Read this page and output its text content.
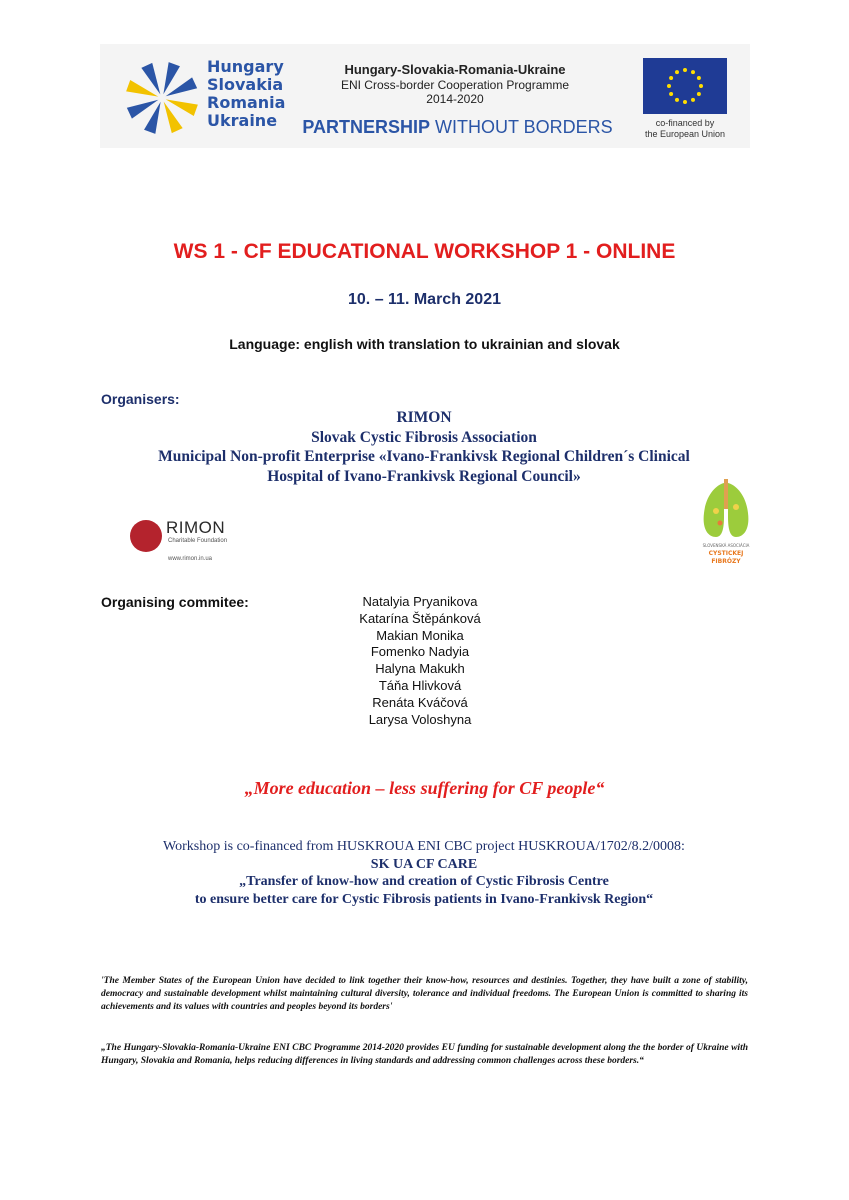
Hungary
Slovakia
Romania
Ukraine
Hungary-Slovakia-Romania-Ukraine
ENI Cross-border Cooperation Programme
2014-2020
PARTNERSHIP WITHOUT BORDERS	co-financed by
the European Union
WS 1 - CF EDUCATIONAL WORKSHOP 1 - ONLINE
10. – 11. March 2021
Language: english with translation to ukrainian and slovak
Organisers:
RIMON
Slovak Cystic Fibrosis Association
Municipal Non-profit Enterprise «Ivano-Frankivsk Regional Children´s Clinical
Hospital of Ivano-Frankivsk Regional Council»
RIMON
Charitable Foundation
www.rimon.in.ua
SLOVENSKÁ ASOCIÁCIA
CYSTICKEJ
FIBRÓZY
Organising commitee:	Natalyia Pryanikova
Katarína Štěpánková
Makian Monika
Fomenko Nadyia
Halyna Makukh
Táňa Hlivková
Renáta Kváčová
Larysa Voloshyna
„More education – less suffering for CF people“
Workshop is co-financed from HUSKROUA ENI CBC project HUSKROUA/1702/8.2/0008:
SK UA CF CARE
„Transfer of know-how and creation of Cystic Fibrosis Centre
to ensure better care for Cystic Fibrosis patients in Ivano-Frankivsk Region“
'The Member States of the European Union have decided to link together their know-how, resources and destinies. Together, they have built a zone of stability, democracy and sustainable development whilst maintaining cultural diversity, tolerance and individual freedoms. The European Union is committed to sharing its achievements and its values with countries and peoples beyond its borders'
„The Hungary-Slovakia-Romania-Ukraine ENI CBC Programme 2014-2020 provides EU funding for sustainable development along the the border of Ukraine with Hungary, Slovakia and Romania, helps reducing differences in living standards and addressing common challenges across these borders.“
